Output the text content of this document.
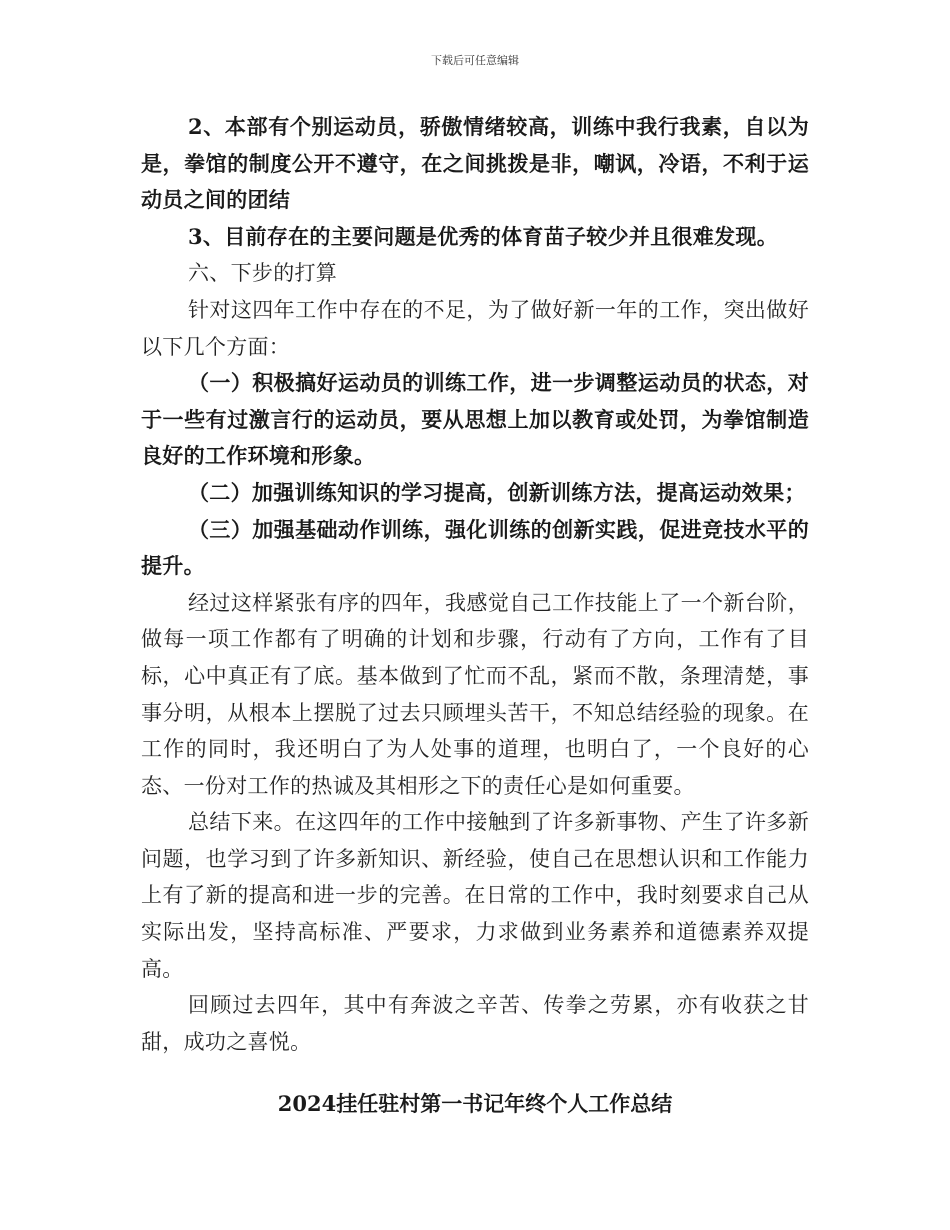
下载后可任意编辑

2、本部有个别运动员，骄傲情绪较高，训练中我行我素，自以为是，拳馆的制度公开不遵守，在之间挑拨是非，嘲讽，冷语，不利于运动员之间的团结

3、目前存在的主要问题是优秀的体育苗子较少并且很难发现。

六、下步的打算

针对这四年工作中存在的不足，为了做好新一年的工作，突出做好以下几个方面：

（一）积极搞好运动员的训练工作，进一步调整运动员的状态，对于一些有过激言行的运动员，要从思想上加以教育或处罚，为拳馆制造良好的工作环境和形象。

（二）加强训练知识的学习提高，创新训练方法，提高运动效果；

（三）加强基础动作训练，强化训练的创新实践，促进竞技水平的提升。

经过这样紧张有序的四年，我感觉自己工作技能上了一个新台阶，做每一项工作都有了明确的计划和步骤，行动有了方向，工作有了目标，心中真正有了底。基本做到了忙而不乱，紧而不散，条理清楚，事事分明，从根本上摆脱了过去只顾埋头苦干，不知总结经验的现象。在工作的同时，我还明白了为人处事的道理，也明白了，一个良好的心态、一份对工作的热诚及其相形之下的责任心是如何重要。

总结下来。在这四年的工作中接触到了许多新事物、产生了许多新问题，也学习到了许多新知识、新经验，使自己在思想认识和工作能力上有了新的提高和进一步的完善。在日常的工作中，我时刻要求自己从实际出发，坚持高标准、严要求，力求做到业务素养和道德素养双提高。

回顾过去四年，其中有奔波之辛苦、传拳之劳累，亦有收获之甘甜，成功之喜悦。

2024挂任驻村第一书记年终个人工作总结
